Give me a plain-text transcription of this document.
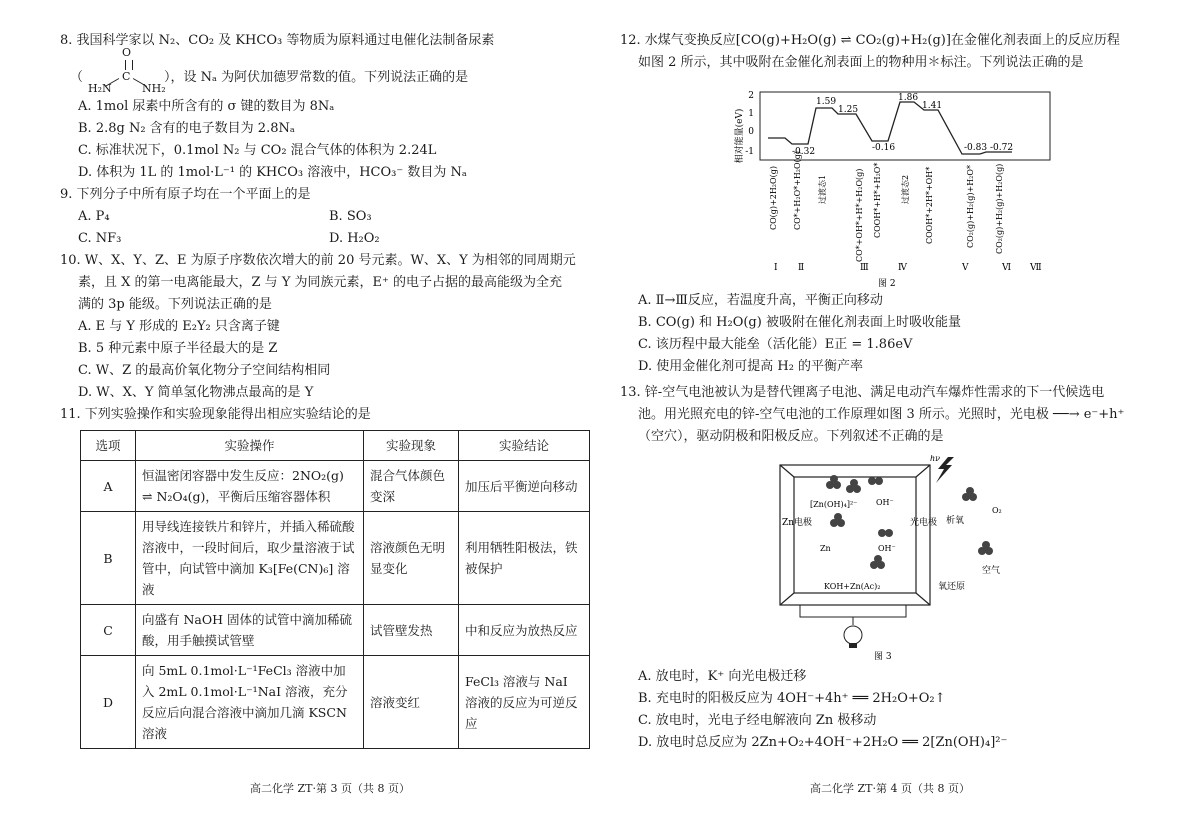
8. 我国科学家以 N₂、CO₂ 及 KHCO₃ 等物质为原料通过电催化法制备尿素

O
（	C
H₂N	NH₂
），设 Nₐ 为阿伏加德罗常数的值。下列说法正确的是

A. 1mol 尿素中所含有的 σ 键的数目为 8Nₐ

B. 2.8g N₂ 含有的电子数目为 2.8Nₐ

C. 标准状况下，0.1mol N₂ 与 CO₂ 混合气体的体积为 2.24L

D. 体积为 1L 的 1mol·L⁻¹ 的 KHCO₃ 溶液中，HCO₃⁻ 数目为 Nₐ

9. 下列分子中所有原子均在一个平面上的是

A. P₄	B. SO₃
C. NF₃	D. H₂O₂

10. W、X、Y、Z、E 为原子序数依次增大的前 20 号元素。W、X、Y 为相邻的同周期元

素，且 X 的第一电离能最大，Z 与 Y 为同族元素，E⁺ 的电子占据的最高能级为全充

满的 3p 能级。下列说法正确的是

A. E 与 Y 形成的 E₂Y₂ 只含离子键

B. 5 种元素中原子半径最大的是 Z

C. W、Z 的最高价氧化物分子空间结构相同

D. W、X、Y 简单氢化物沸点最高的是 Y

11. 下列实验操作和实验现象能得出相应实验结论的是

选项	实验操作	实验现象	实验结论
A	恒温密闭容器中发生反应：2NO₂(g) ⇌ N₂O₄(g)，平衡后压缩容器体积	混合气体颜色变深	加压后平衡逆向移动
B	用导线连接铁片和锌片，并插入稀硫酸溶液中，一段时间后，取少量溶液于试管中，向试管中滴加 K₃[Fe(CN)₆] 溶液	溶液颜色无明显变化	利用牺牲阳极法，铁被保护
C	向盛有 NaOH 固体的试管中滴加稀硫酸，用手触摸试管壁	试管壁发热	中和反应为放热反应
D	向 5mL 0.1mol·L⁻¹FeCl₃ 溶液中加入 2mL 0.1mol·L⁻¹NaI 溶液，充分反应后向混合溶液中滴加几滴 KSCN 溶液	溶液变红	FeCl₃ 溶液与 NaI 溶液的反应为可逆反应
高二化学 ZT·第 3 页（共 8 页）

12. 水煤气变换反应[CO(g)+H₂O(g) ⇌ CO₂(g)+H₂(g)]在金催化剂表面上的反应历程

如图 2 所示，其中吸附在金催化剂表面上的物种用＊标注。下列说法正确的是

相对能量(eV)
2
1
0
-1	-0.32
1.59
1.25
-0.16
1.86
1.41
-0.83 -0.72
CO(g)+2H₂O(g) CO*+H₂O*+H₂O(g) 过渡态1	CO*+OH*+H*+H₂O(g) COOH*+H*+H₂O* 过渡态2 COOH*+2H*+OH*	CO₂(g)+H₂(g)+H₂O*	CO₂(g)+H₂(g)+H₂O(g)
Ⅰ Ⅱ	Ⅲ	Ⅳ	Ⅴ	Ⅵ Ⅶ
图 2

A. Ⅱ→Ⅲ反应，若温度升高，平衡正向移动

B. CO(g) 和 H₂O(g) 被吸附在催化剂表面上时吸收能量

C. 该历程中最大能垒（活化能）E正 = 1.86eV

D. 使用金催化剂可提高 H₂ 的平衡产率

13. 锌-空气电池被认为是替代锂离子电池、满足电动汽车爆炸性需求的下一代候选电

池。用光照充电的锌-空气电池的工作原理如图 3 所示。光照时，光电极 ──→ e⁻+h⁺

（空穴），驱动阴极和阳极反应。下列叙述不正确的是

Zn电极	光电极
[Zn(OH)₄]²⁻ OH⁻
OH⁻
Zn
KOH+Zn(Ac)₂
O₂
析氧
空气
氧还原
hν
图 3

A. 放电时，K⁺ 向光电极迁移

B. 充电时的阳极反应为 4OH⁻+4h⁺ ══ 2H₂O+O₂↑

C. 放电时，光电子经电解液向 Zn 极移动

D. 放电时总反应为 2Zn+O₂+4OH⁻+2H₂O ══ 2[Zn(OH)₄]²⁻

高二化学 ZT·第 4 页（共 8 页）
